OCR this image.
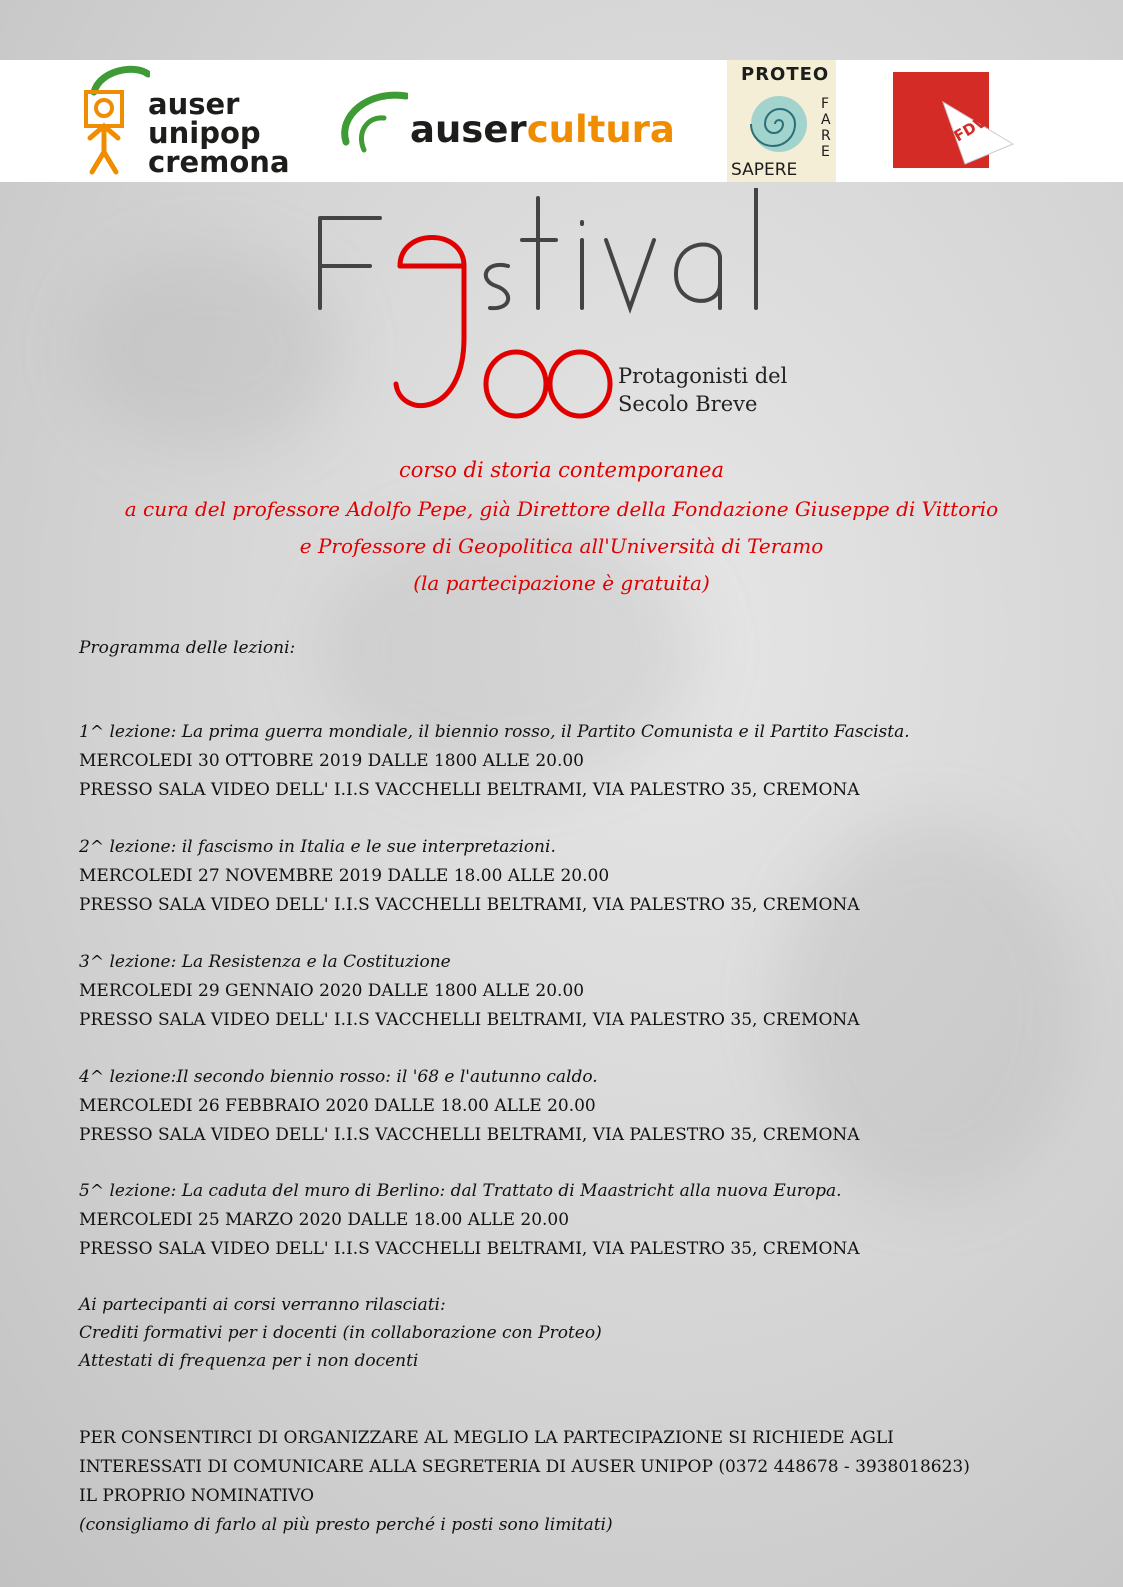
auser
unipop
cremona
ausercultura
PROTEO
FARE
SAPERE
FDV
Protagonisti del
Secolo Breve
corso di storia contemporanea
a cura del professore Adolfo Pepe, già Direttore della Fondazione Giuseppe di Vittorio
e Professore di Geopolitica all'Università di Teramo
(la partecipazione è gratuita)
Programma delle lezioni:
1^ lezione: La prima guerra mondiale, il biennio rosso, il Partito Comunista e il Partito Fascista.
MERCOLEDI 30 OTTOBRE 2019 DALLE 1800 ALLE 20.00
PRESSO SALA VIDEO DELL' I.I.S VACCHELLI BELTRAMI, VIA PALESTRO 35, CREMONA
2^ lezione: il fascismo in Italia e le sue interpretazioni.
MERCOLEDI 27 NOVEMBRE 2019 DALLE 18.00 ALLE 20.00
PRESSO SALA VIDEO DELL' I.I.S VACCHELLI BELTRAMI, VIA PALESTRO 35, CREMONA
3^ lezione: La Resistenza e la Costituzione
MERCOLEDI 29 GENNAIO 2020 DALLE 1800 ALLE 20.00
PRESSO SALA VIDEO DELL' I.I.S VACCHELLI BELTRAMI, VIA PALESTRO 35, CREMONA
4^ lezione:Il secondo biennio rosso: il '68 e l'autunno caldo.
MERCOLEDI 26 FEBBRAIO 2020 DALLE 18.00 ALLE 20.00
PRESSO SALA VIDEO DELL' I.I.S VACCHELLI BELTRAMI, VIA PALESTRO 35, CREMONA
5^ lezione: La caduta del muro di Berlino: dal Trattato di Maastricht alla nuova Europa.
MERCOLEDI 25 MARZO 2020 DALLE 18.00 ALLE 20.00
PRESSO SALA VIDEO DELL' I.I.S VACCHELLI BELTRAMI, VIA PALESTRO 35, CREMONA
Ai partecipanti ai corsi verranno rilasciati:
Crediti formativi per i docenti (in collaborazione con Proteo)
Attestati di frequenza per i non docenti
PER CONSENTIRCI DI ORGANIZZARE AL MEGLIO LA PARTECIPAZIONE SI RICHIEDE AGLI
INTERESSATI DI COMUNICARE ALLA SEGRETERIA DI AUSER UNIPOP (0372 448678 - 3938018623)
IL PROPRIO NOMINATIVO
(consigliamo di farlo al più presto perché i posti sono limitati)
